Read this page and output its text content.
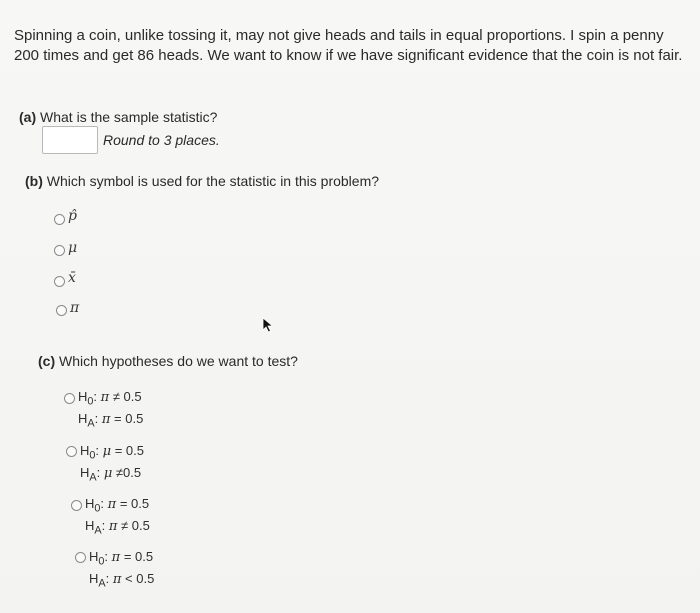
Spinning a coin, unlike tossing it, may not give heads and tails in equal proportions. I spin a penny 200 times and get 86 heads. We want to know if we have significant evidence that the coin is not fair.
(a) What is the sample statistic?
Round to 3 places.
(b) Which symbol is used for the statistic in this problem?
p̂
μ
x̄
π
(c) Which hypotheses do we want to test?
$H_0$: π ≠ 0.5
$H_A$: π = 0.5
$H_0$: μ = 0.5
$H_A$: μ ≠0.5
$H_0$: π = 0.5
$H_A$: π ≠ 0.5
$H_0$: π = 0.5
$H_A$: π < 0.5
